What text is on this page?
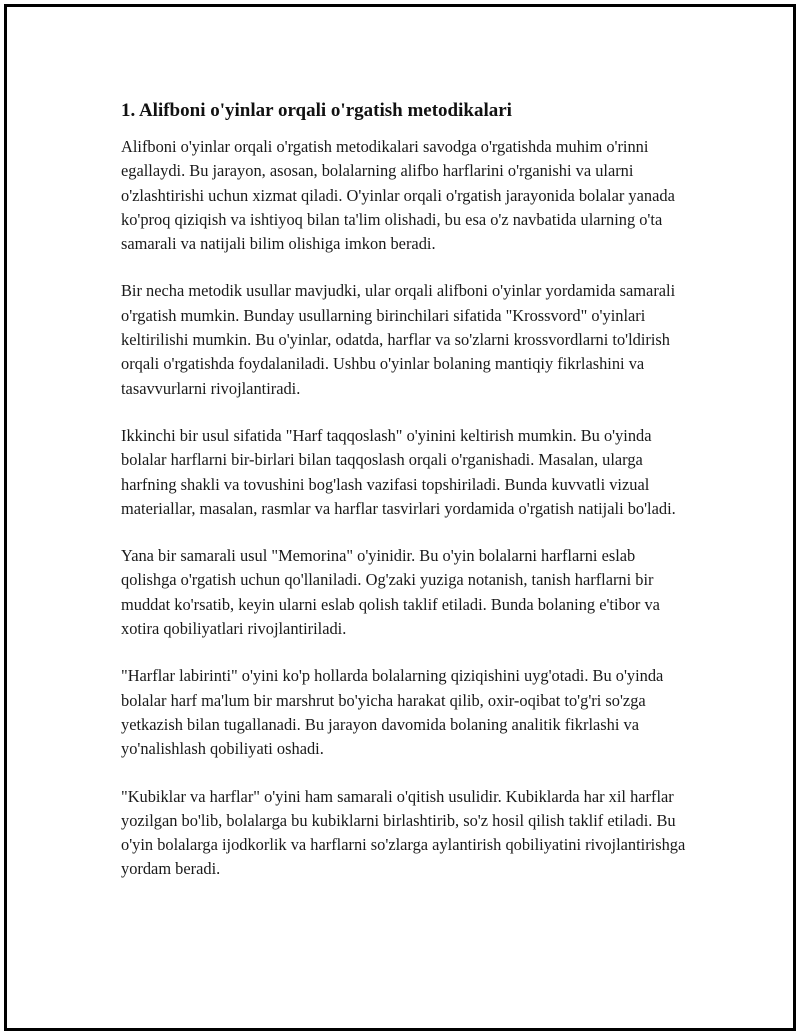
1. Alifboni o'yinlar orqali o'rgatish metodikalari

Alifboni o'yinlar orqali o'rgatish metodikalari savodga o'rgatishda muhim o'rinni egallaydi. Bu jarayon, asosan, bolalarning alifbo harflarini o'rganishi va ularni o'zlashtirishi uchun xizmat qiladi. O'yinlar orqali o'rgatish jarayonida bolalar yanada ko'proq qiziqish va ishtiyoq bilan ta'lim olishadi, bu esa o'z navbatida ularning o'ta samarali va natijali bilim olishiga imkon beradi.

Bir necha metodik usullar mavjudki, ular orqali alifboni o'yinlar yordamida samarali o'rgatish mumkin. Bunday usullarning birinchilari sifatida "Krossvord" o'yinlari keltirilishi mumkin. Bu o'yinlar, odatda, harflar va so'zlarni krossvordlarni to'ldirish orqali o'rgatishda foydalaniladi. Ushbu o'yinlar bolaning mantiqiy fikrlashini va tasavvurlarni rivojlantiradi.

Ikkinchi bir usul sifatida "Harf taqqoslash" o'yinini keltirish mumkin. Bu o'yinda bolalar harflarni bir-birlari bilan taqqoslash orqali o'rganishadi. Masalan, ularga harfning shakli va tovushini bog'lash vazifasi topshiriladi. Bunda kuvvatli vizual materiallar, masalan, rasmlar va harflar tasvirlari yordamida o'rgatish natijali bo'ladi.

Yana bir samarali usul "Memorina" o'yinidir. Bu o'yin bolalarni harflarni eslab qolishga o'rgatish uchun qo'llaniladi. Og'zaki yuziga notanish, tanish harflarni bir muddat ko'rsatib, keyin ularni eslab qolish taklif etiladi. Bunda bolaning e'tibor va xotira qobiliyatlari rivojlantiriladi.

"Harflar labirinti" o'yini ko'p hollarda bolalarning qiziqishini uyg'otadi. Bu o'yinda bolalar harf ma'lum bir marshrut bo'yicha harakat qilib, oxir-oqibat to'g'ri so'zga yetkazish bilan tugallanadi. Bu jarayon davomida bolaning analitik fikrlashi va yo'nalishlash qobiliyati oshadi.

"Kubiklar va harflar" o'yini ham samarali o'qitish usulidir. Kubiklarda har xil harflar yozilgan bo'lib, bolalarga bu kubiklarni birlashtirib, so'z hosil qilish taklif etiladi. Bu o'yin bolalarga ijodkorlik va harflarni so'zlarga aylantirish qobiliyatini rivojlantirishga yordam beradi.
